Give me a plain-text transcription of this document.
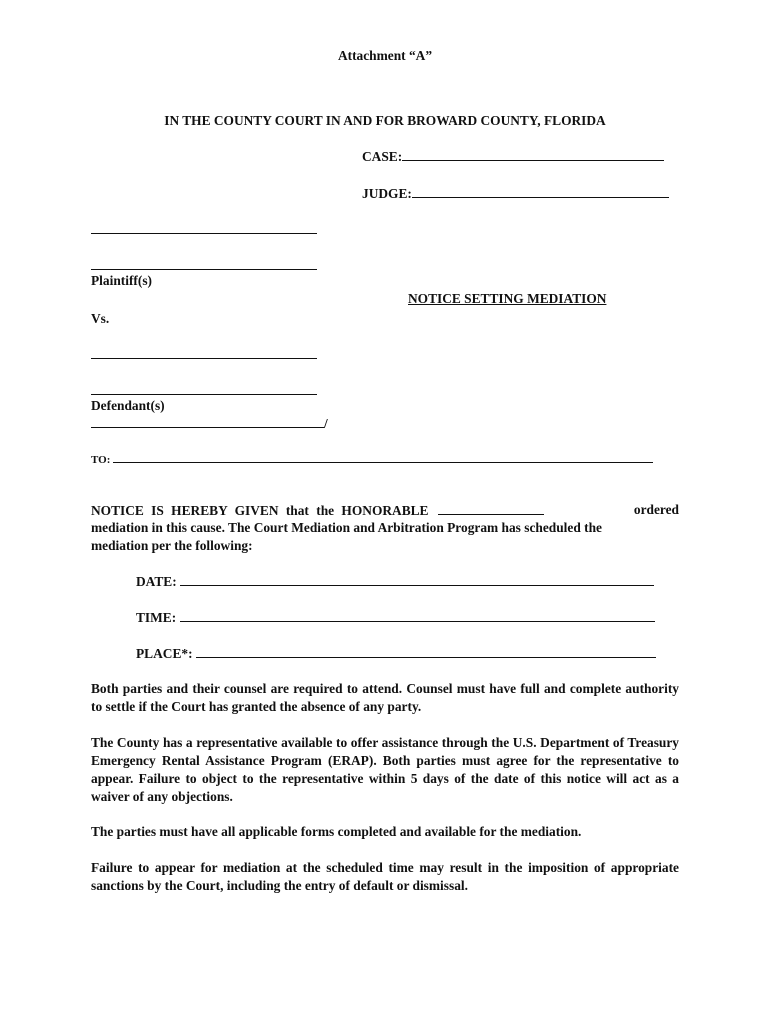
Attachment “A”
IN THE COUNTY COURT IN AND FOR BROWARD COUNTY, FLORIDA
CASE:
JUDGE:
Plaintiff(s)
NOTICE SETTING MEDIATION
Vs.
Defendant(s)
/
TO:
NOTICE IS HEREBY GIVEN that the HONORABLE	ordered
mediation in this cause. The Court Mediation and Arbitration Program has scheduled the
mediation per the following:
DATE:
TIME:
PLACE*:
Both parties and their counsel are required to attend. Counsel must have full and complete authority to settle if the Court has granted the absence of any party.
The County has a representative available to offer assistance through the U.S. Department of Treasury Emergency Rental Assistance Program (ERAP). Both parties must agree for the representative to appear. Failure to object to the representative within 5 days of the date of this notice will act as a waiver of any objections.
The parties must have all applicable forms completed and available for the mediation.
Failure to appear for mediation at the scheduled time may result in the imposition of appropriate sanctions by the Court, including the entry of default or dismissal.
